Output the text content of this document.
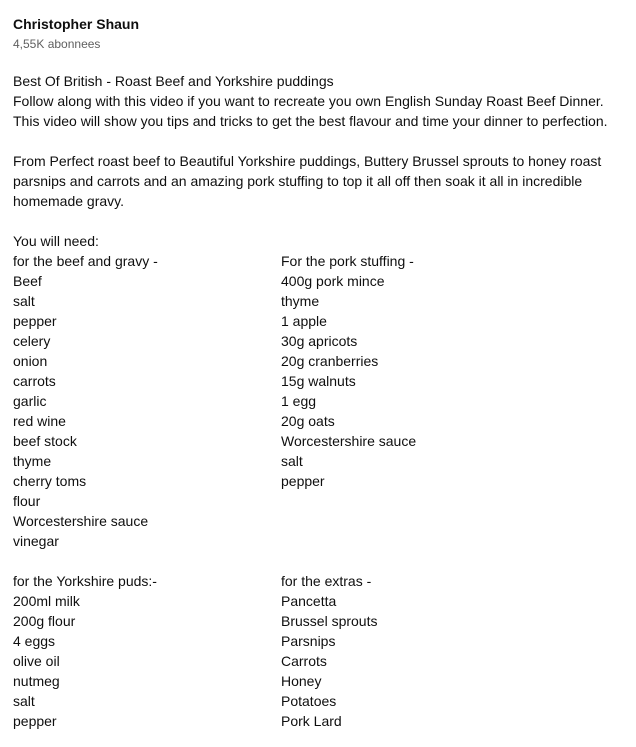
Christopher Shaun
4,55K abonnees
Best Of British - Roast Beef and Yorkshire puddings
Follow along with this video if you want to recreate you own English Sunday Roast Beef Dinner. This video will show you tips and tricks to get the best flavour and time your dinner to perfection.
From Perfect roast beef to Beautiful Yorkshire puddings, Buttery Brussel sprouts to honey roast parsnips and carrots and an amazing pork stuffing to top it all off then soak it all in incredible homemade gravy.
You will need:
for the beef and gravy -
Beef
salt
pepper
celery
onion
carrots
garlic
red wine
beef stock
thyme
cherry toms
flour
Worcestershire sauce
vinegar
For the pork stuffing -
400g pork mince
thyme
1 apple
30g apricots
20g cranberries
15g walnuts
1 egg
20g oats
Worcestershire sauce
salt
pepper
for the Yorkshire puds:-
200ml milk
200g flour
4 eggs
olive oil
nutmeg
salt
pepper
for the extras -
Pancetta
Brussel sprouts
Parsnips
Carrots
Honey
Potatoes
Pork Lard
